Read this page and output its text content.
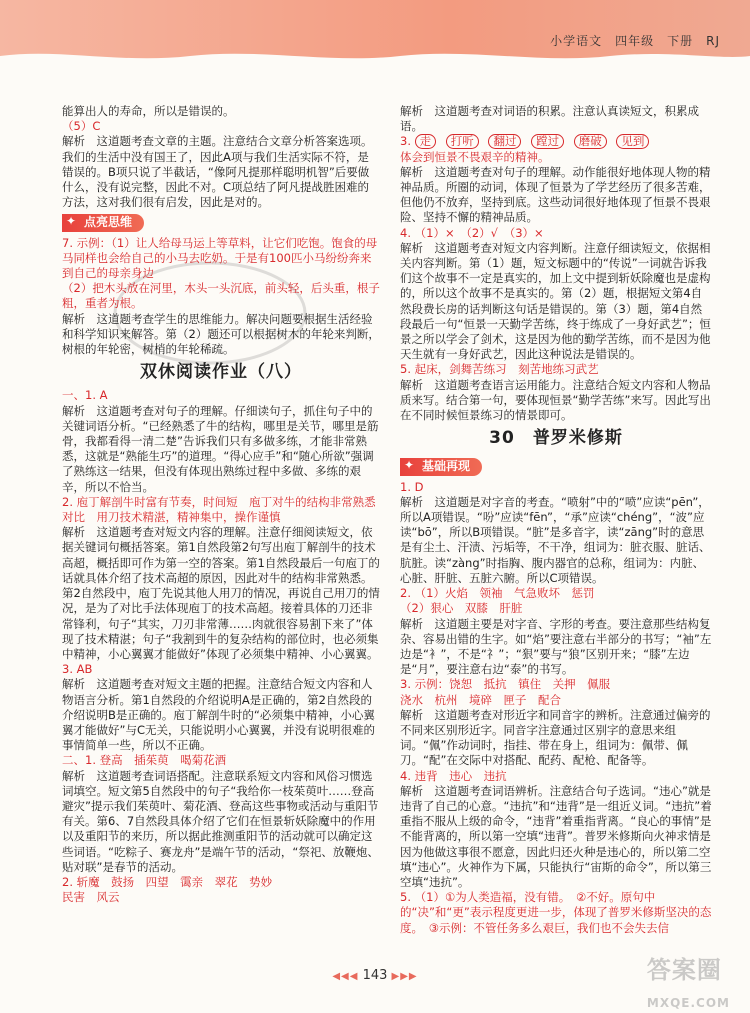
小学语文　四年级　下册　RJ

能算出人的寿命，所以是错误的。

（5）C

解析　这道题考查文章的主题。注意结合文章分析答案选项。我们的生活中没有国王了，因此A项与我们生活实际不符，是错误的。B项只说了半截话，“像阿凡提那样聪明机智”后要做什么，没有说完整，因此不对。C项总结了阿凡提战胜困难的方法，这对我们很有启发，因此是对的。

✦ 点亮思维

7. 示例：（1）让人给母马运上等草料，让它们吃饱。饱食的母马同样也会给自己的小马去吃奶。于是有100匹小马纷纷奔来到自己的母亲身边

（2）把木头放在河里，木头一头沉底，前头轻，后头重，根子粗，重者为根。

解析　这道题考查学生的思维能力。解决问题要根据生活经验和科学知识来解答。第（2）题还可以根据树木的年轮来判断，树根的年轮密，树梢的年轮稀疏。

双休阅读作业（八）

一、1. A

解析　这道题考查对句子的理解。仔细读句子，抓住句子中的关键词语分析。“已经熟悉了牛的结构，哪里是关节，哪里是筋骨，我都看得一清二楚”告诉我们只有多做多练，才能非常熟悉，这就是“熟能生巧”的道理。“得心应手”和“随心所欲”强调了熟练这一结果，但没有体现出熟练过程中多做、多练的艰辛，所以不恰当。

2. 庖丁解剖牛时富有节奏，时间短　庖丁对牛的结构非常熟悉　对比　用刀技术精湛，精神集中，操作谨慎

解析　这道题考查对短文内容的理解。注意仔细阅读短文，依据关键词句概括答案。第1自然段第2句写出庖丁解剖牛的技术高超，概括即可作为第一空的答案。第1自然段最后一句庖丁的话就具体介绍了技术高超的原因，因此对牛的结构非常熟悉。第2自然段中，庖丁先说其他人用刀的情况，再说自己用刀的情况，是为了对比手法体现庖丁的技术高超。接着具体的刀还非常锋利，句子“其实，刀刃非常薄……肉就很容易割下来了”体现了技术精湛；句子“我割到牛的复杂结构的部位时，也必须集中精神，小心翼翼才能做好”体现了必须集中精神、小心翼翼。

3. AB

解析　这道题考查对短文主题的把握。注意结合短文内容和人物语言分析。第1自然段的介绍说明A是正确的，第2自然段的介绍说明B是正确的。庖丁解剖牛时的“必须集中精神，小心翼翼才能做好”与C无关，只能说明小心翼翼，并没有说明很难的事情简单一些，所以不正确。

二、1. 登高　插茱萸　喝菊花酒

解析　这道题考查词语搭配。注意联系短文内容和风俗习惯选词填空。短文第5自然段中的句子“我给你一枝茱萸叶……登高避灾”提示我们茱萸叶、菊花酒、登高这些事物或活动与重阳节有关。第6、7自然段具体介绍了它们在恒景斩妖除魔中的作用以及重阳节的来历，所以据此推测重阳节的活动就可以确定这些词语。“吃粽子、赛龙舟”是端午节的活动，“祭祀、放鞭炮、贴对联”是春节的活动。

2. 斩魔　鼓扬　四望　霭亲　翠花　势妙

民害　风云

解析　这道题考查对词语的积累。注意认真读短文，积累成语。

3. 走 打听 翻过 蹚过 磨破 见到

体会到恒景不畏艰辛的精神。

解析　这道题考查对句子的理解。动作能很好地体现人物的精神品质。所圈的动词，体现了恒景为了学艺经历了很多苦难，但他仍不放弃，坚持到底。这些动词很好地体现了恒景不畏艰险、坚持不懈的精神品质。

4. （1）×　（2）√　（3）×

解析　这道题考查对短文内容判断。注意仔细读短文，依据相关内容判断。第（1）题，短文标题中的“传说”一词就告诉我们这个故事不一定是真实的，加上文中提到斩妖除魔也是虚构的，所以这个故事不是真实的。第（2）题，根据短文第4自然段费长房的话判断这句话是错误的。第（3）题，第4自然段最后一句“恒景一天勤学苦练，终于练成了一身好武艺”；恒景之所以学会了剑术，这是因为他的勤学苦练，而不是因为他天生就有一身好武艺，因此这种说法是错误的。

5. 起床，剑舞苦练习　刻苦地练习武艺

解析　这道题考查语言运用能力。注意结合短文内容和人物品质来写。结合第一句，要体现恒景“勤学苦练”来写。因此写出在不同时候恒景练习的情景即可。

30　普罗米修斯
✦ 基础再现

1. D

解析　这道题是对字音的考查。“喷射”中的“喷”应读“pēn”，所以A项错误。“吩”应读“fēn”，“承”应读“chéng”，“波”应读“bō”，所以B项错误。“脏”是多音字，读“zāng”时的意思是有尘土、汗渍、污垢等，不干净，组词为：脏衣服、脏话、肮脏。读“zàng”时指胸、腹内器官的总称，组词为：内脏、心脏、肝脏、五脏六腑。所以C项错误。

2. （1）火焰　领袖　气急败坏　惩罚

（2）狠心　双膝　肝脏

解析　这道题主要是对字音、字形的考查。要注意那些结构复杂、容易出错的生字。如“焰”要注意右半部分的书写；“袖”左边是“衤”，不是“礻”；“狠”要与“狼”区别开来；“膝”左边是“月”，要注意右边“泰”的书写。

3. 示例：饶恕　抵抗　镇住　关押　佩服

浇水　杭州　境碎　匣子　配合

解析　这道题考查对形近字和同音字的辨析。注意通过偏旁的不同来区别形近字。同音字注意通过区别字的意思来组词。“佩”作动词时，指挂、带在身上，组词为：佩带、佩刀。“配”在交际中对搭配、配药、配枪、配备等。

4. 违背　违心　违抗

解析　这道题考查词语辨析。注意结合句子选词。“违心”就是违背了自己的心意。“违抗”和“违背”是一组近义词。“违抗”着重指不服从上级的命令，“违背”着重指背离。“良心的事情”是不能背离的，所以第一空填“违背”。普罗米修斯向火神求情是因为他做这事很不愿意，因此归还火种是违心的，所以第二空填“违心”。火神作为下属，只能执行“宙斯的命令”，所以第三空填“违抗”。

5. （1）①为人类造福，没有错。　②不好。原句中的“决”和“更”表示程度更进一步，体现了普罗米修斯坚决的态度。　③示例：不管任务多么艰巨，我们也不会失去信

◀◀◀ 143 ▶▶▶	答案圈
MXQE.COM
